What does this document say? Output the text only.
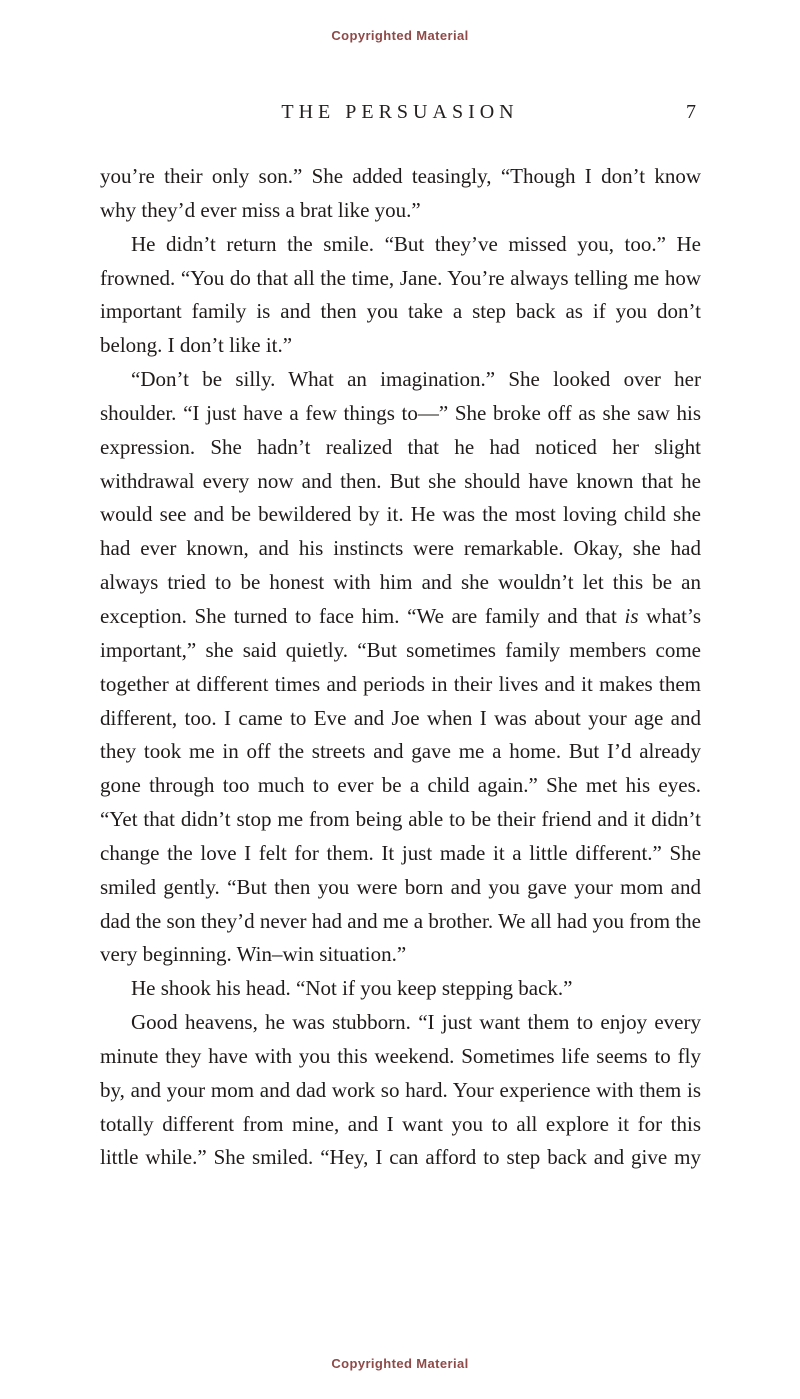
Copyrighted Material
THE PERSUASION	7

you’re their only son.” She added teasingly, “Though I don’t know why they’d ever miss a brat like you.”

He didn’t return the smile. “But they’ve missed you, too.” He frowned. “You do that all the time, Jane. You’re always telling me how important family is and then you take a step back as if you don’t belong. I don’t like it.”

“Don’t be silly. What an imagination.” She looked over her shoulder. “I just have a few things to—” She broke off as she saw his expression. She hadn’t realized that he had noticed her slight withdrawal every now and then. But she should have known that he would see and be bewildered by it. He was the most loving child she had ever known, and his instincts were remarkable. Okay, she had always tried to be honest with him and she wouldn’t let this be an exception. She turned to face him. “We are family and that is what’s important,” she said quietly. “But sometimes family members come together at different times and periods in their lives and it makes them different, too. I came to Eve and Joe when I was about your age and they took me in off the streets and gave me a home. But I’d already gone through too much to ever be a child again.” She met his eyes. “Yet that didn’t stop me from being able to be their friend and it didn’t change the love I felt for them. It just made it a little different.” She smiled gently. “But then you were born and you gave your mom and dad the son they’d never had and me a brother. We all had you from the very beginning. Win–win situation.”

He shook his head. “Not if you keep stepping back.”

Good heavens, he was stubborn. “I just want them to enjoy every minute they have with you this weekend. Sometimes life seems to fly by, and your mom and dad work so hard. Your experience with them is totally different from mine, and I want you to all explore it for this little while.” She smiled. “Hey, I can afford to step back and give my

Copyrighted Material
